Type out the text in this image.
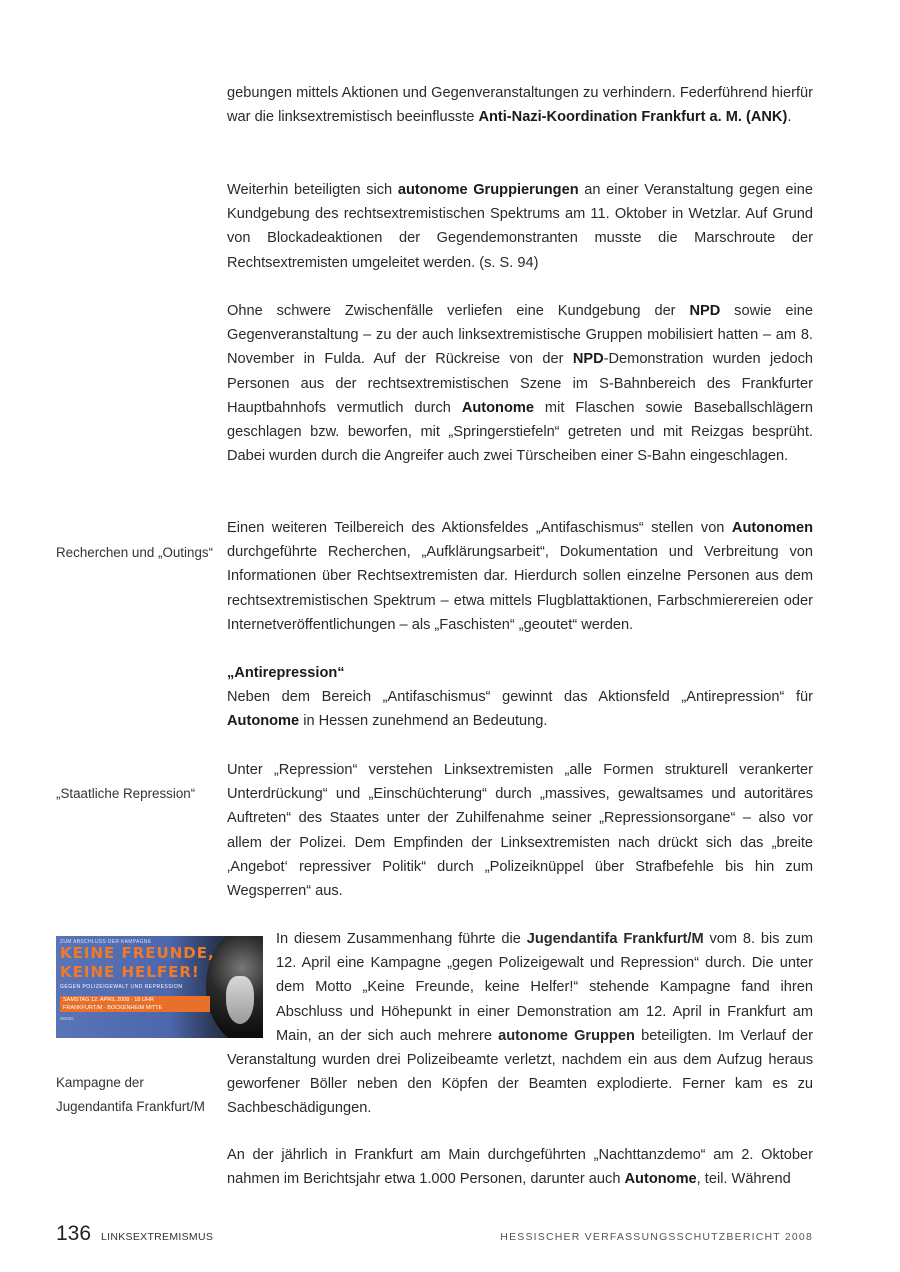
gebungen mittels Aktionen und Gegenveranstaltungen zu verhindern. Federführend hierfür war die linksextremistisch beeinflusste Anti-Nazi-Koordination Frankfurt a. M. (ANK).

Weiterhin beteiligten sich autonome Gruppierungen an einer Veranstaltung gegen eine Kundgebung des rechtsextremistischen Spektrums am 11. Oktober in Wetzlar. Auf Grund von Blockadeaktionen der Gegendemonstranten musste die Marschroute der Rechtsextremisten umgeleitet werden. (s. S. 94)

Ohne schwere Zwischenfälle verliefen eine Kundgebung der NPD sowie eine Gegenveranstaltung – zu der auch linksextremistische Gruppen mobilisiert hatten – am 8. November in Fulda. Auf der Rückreise von der NPD-Demonstration wurden jedoch Personen aus der rechtsextremistischen Szene im S-Bahnbereich des Frankfurter Hauptbahnhofs vermutlich durch Autonome mit Flaschen sowie Baseballschlägern geschlagen bzw. beworfen, mit „Springerstiefeln“ getreten und mit Reizgas besprüht. Dabei wurden durch die Angreifer auch zwei Türscheiben einer S-Bahn eingeschlagen.

Recherchen und „Outings“

Einen weiteren Teilbereich des Aktionsfeldes „Antifaschismus“ stellen von Autonomen durchgeführte Recherchen, „Aufklärungsarbeit“, Dokumentation und Verbreitung von Informationen über Rechtsextremisten dar. Hierdurch sollen einzelne Personen aus dem rechtsextremistischen Spektrum – etwa mittels Flugblattaktionen, Farbschmierereien oder Internetveröffentlichungen – als „Faschisten“ „geoutet“ werden.

„Antirepression“

Neben dem Bereich „Antifaschismus“ gewinnt das Aktionsfeld „Antirepression“ für Autonome in Hessen zunehmend an Bedeutung.

„Staatliche Repression“

Unter „Repression“ verstehen Linksextremisten „alle Formen strukturell verankerter Unterdrückung“ und „Einschüchterung“ durch „massives, gewaltsames und autoritäres Auftreten“ des Staates unter der Zuhilfenahme seiner „Repressionsorgane“ – also vor allem der Polizei. Dem Empfinden der Linksextremisten nach drückt sich das „breite ‚Angebot‘ repressiver Politik“ durch „Polizeiknüppel über Strafbefehle bis hin zum Wegsperren“ aus.

ZUM ABSCHLUSS DER KAMPAGNE
KEINE FREUNDE,
KEINE HELFER!
GEGEN POLIZEIGEWALT UND REPRESSION
SAMSTAG 12. APRIL 2008 · 18 UHR
FRANKFURT/M · BOCKENHEIM MITTE
DEMO
In diesem Zusammenhang führte die Jugendantifa Frankfurt/M vom 8. bis zum 12. April eine Kampagne „gegen Polizeigewalt und Repression“ durch. Die unter dem Motto „Keine Freunde, keine Helfer!“ stehende Kampagne fand ihren Abschluss und Höhepunkt in einer Demonstration am 12. April in Frankfurt am Main, an der sich auch mehrere autonome Gruppen beteiligten. Im Verlauf der Veranstaltung wurden drei Polizeibeamte verletzt, nachdem ein aus dem Aufzug heraus geworfener Böller neben den Köpfen der Beamten explodierte. Ferner kam es zu Sachbeschädigungen.
Kampagne der Jugendantifa Frankfurt/M

An der jährlich in Frankfurt am Main durchgeführten „Nachttanzdemo“ am 2. Oktober nahmen im Berichtsjahr etwa 1.000 Personen, darunter auch Autonome, teil. Während

136 LINKSEXTREMISMUS	HESSISCHER VERFASSUNGSSCHUTZBERICHT 2008
